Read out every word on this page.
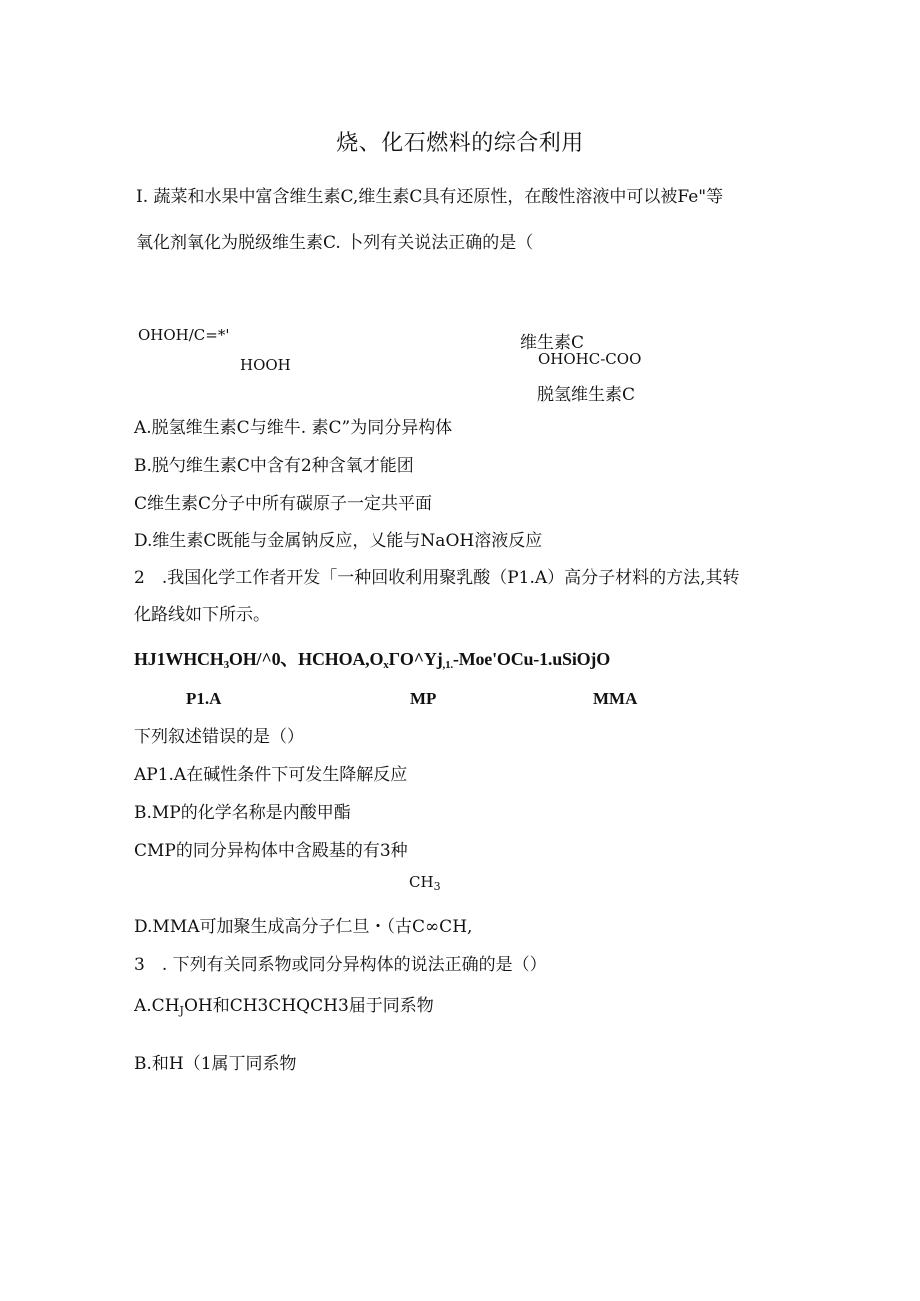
烧、化石燃料的综合利用
I. 蔬菜和水果中富含维生素C,维生素C具有还原性，在酸性溶液中可以被Fe"等
氧化剂氧化为脱级维生素C. 卜列有关说法正确的是（
OHOH/C=*'
HOOH
维生素C
OHOHC-COO
脱氢维生素C
A.脱氢维生素C与维牛. 素C”为同分异构体
B.脱勺维生素C中含有2种含氧才能团
C维生素C分子中所有碳原子一定共平面
D.维生素C既能与金属钠反应，乂能与NaOH溶液反应
2　.我国化学工作者开发「一种回收利用聚乳酸（P1.A）高分子材料的方法,其转
化路线如下所示。
$HJ1WHCH_3OH/\^{}0$、$HCHOA,O_x\Gamma O\^{}Yj_{,1.}-Moe'OCu-1.uSiOjO$
P1.A	MP	MMA
下列叙述错误的是（）
AP1.A在碱性条件下可发生降解反应
B.MP的化学名称是内酸甲酯
CMP的同分异构体中含殿基的有3种
$CH_3$
D.MMA可加聚生成高分子仁旦・（古C∞CH,
3　. 下列有关同系物或同分异构体的说法正确的是（）
$A.CH_JOH$和CH3CHQCH3届于同系物
B.和H（1属丁同系物
